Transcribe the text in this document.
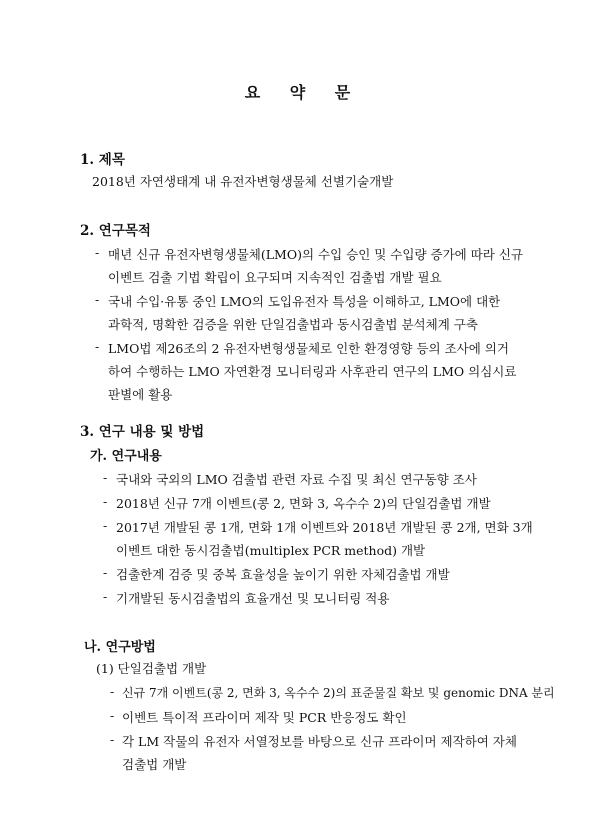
요 약 문
1. 제목
2018년 자연생태계 내 유전자변형생물체 선별기술개발
2. 연구목적
- 매년 신규 유전자변형생물체(LMO)의 수입 승인 및 수입량 증가에 따라 신규
이벤트 검출 기법 확립이 요구되며 지속적인 검출법 개발 필요
- 국내 수입·유통 중인 LMO의 도입유전자 특성을 이해하고, LMO에 대한
과학적, 명확한 검증을 위한 단일검출법과 동시검출법 분석체계 구축
- LMO법 제26조의 2 유전자변형생물체로 인한 환경영향 등의 조사에 의거
하여 수행하는 LMO 자연환경 모니터링과 사후관리 연구의 LMO 의심시료
판별에 활용
3. 연구 내용 및 방법
가. 연구내용
- 국내와 국외의 LMO 검출법 관련 자료 수집 및 최신 연구동향 조사
- 2018년 신규 7개 이벤트(콩 2, 면화 3, 옥수수 2)의 단일검출법 개발
- 2017년 개발된 콩 1개, 면화 1개 이벤트와 2018년 개발된 콩 2개, 면화 3개
이벤트 대한 동시검출법(multiplex PCR method) 개발
- 검출한계 검증 및 중복 효율성을 높이기 위한 자체검출법 개발
- 기개발된 동시검출법의 효율개선 및 모니터링 적용
나. 연구방법
(1) 단일검출법 개발
- 신규 7개 이벤트(콩 2, 면화 3, 옥수수 2)의 표준물질 확보 및 genomic DNA 분리
- 이벤트 특이적 프라이머 제작 및 PCR 반응정도 확인
- 각 LM 작물의 유전자 서열정보를 바탕으로 신규 프라이머 제작하여 자체
검출법 개발
